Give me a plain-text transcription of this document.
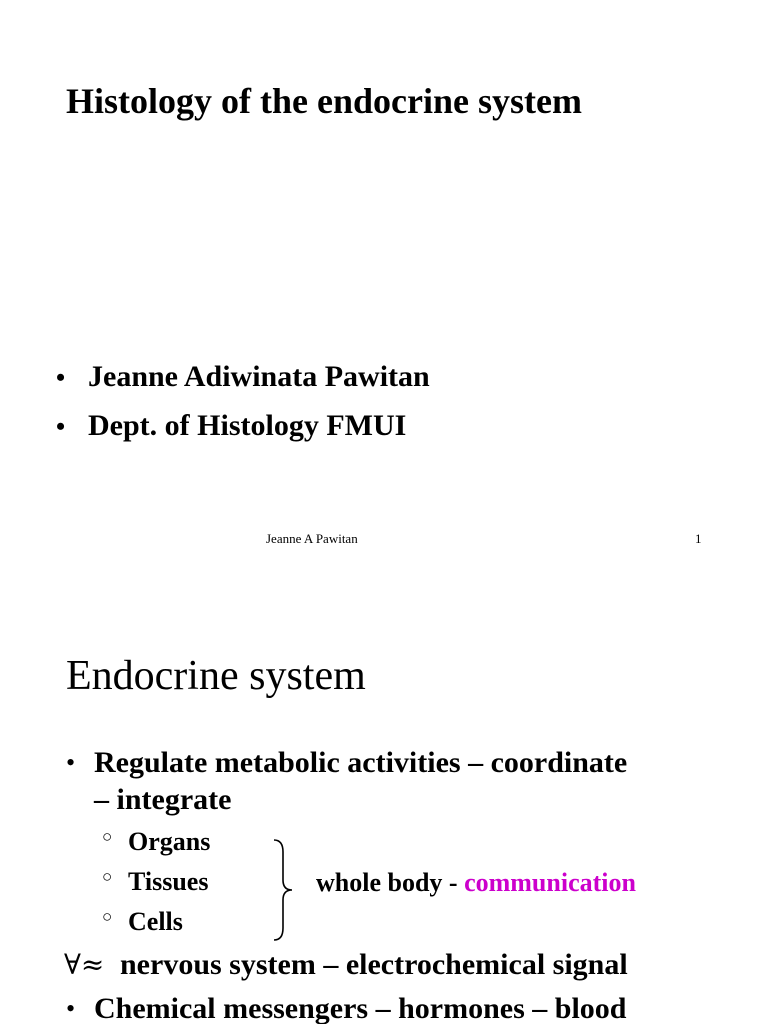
Histology of the endocrine system
• Jeanne Adiwinata Pawitan
• Dept. of Histology FMUI
Jeanne A Pawitan	1
Endocrine system
• Regulate metabolic activities – coordinate
– integrate
○ Organs
○ Tissues
○ Cells
whole body - communication
∀≈ nervous system – electrochemical signal
• Chemical messengers – hormones – blood
